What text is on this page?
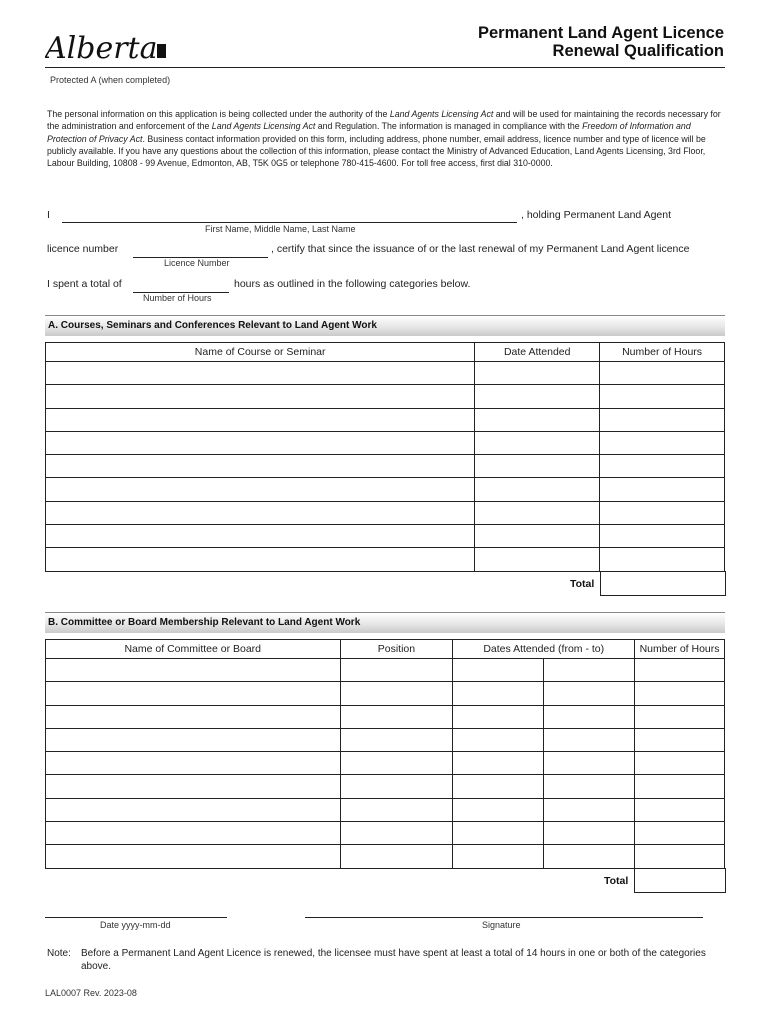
Alberta	Permanent Land Agent Licence
Renewal Qualification
Protected A (when completed)
The personal information on this application is being collected under the authority of the Land Agents Licensing Act and will be used for maintaining the records necessary for the administration and enforcement of the Land Agents Licensing Act and Regulation. The information is managed in compliance with the Freedom of Information and Protection of Privacy Act. Business contact information provided on this form, including address, phone number, email address, licence number and type of licence will be publicly available. If you have any questions about the collection of this information, please contact the Ministry of Advanced Education, Land Agents Licensing, 3rd Floor, Labour Building, 10808 - 99 Avenue, Edmonton, AB, T5K 0G5 or telephone 780-415-4600. For toll free access, first dial 310-0000.
I	, holding Permanent Land Agent
First Name, Middle Name, Last Name
licence number	, certify that since the issuance of or the last renewal of my Permanent Land Agent licence
Licence Number
I spent a total of	hours as outlined in the following categories below.
Number of Hours
A. Courses, Seminars and Conferences Relevant to Land Agent Work
Name of Course or Seminar	Date Attended	Number of Hours

Total
B. Committee or Board Membership Relevant to Land Agent Work
Name of Committee or Board	Position	Dates Attended (from - to)		Number of Hours

Total
Date yyyy-mm-dd	Signature
Note: Before a Permanent Land Agent Licence is renewed, the licensee must have spent at least a total of 14 hours in one or both of the categories above.
LAL0007 Rev. 2023-08
